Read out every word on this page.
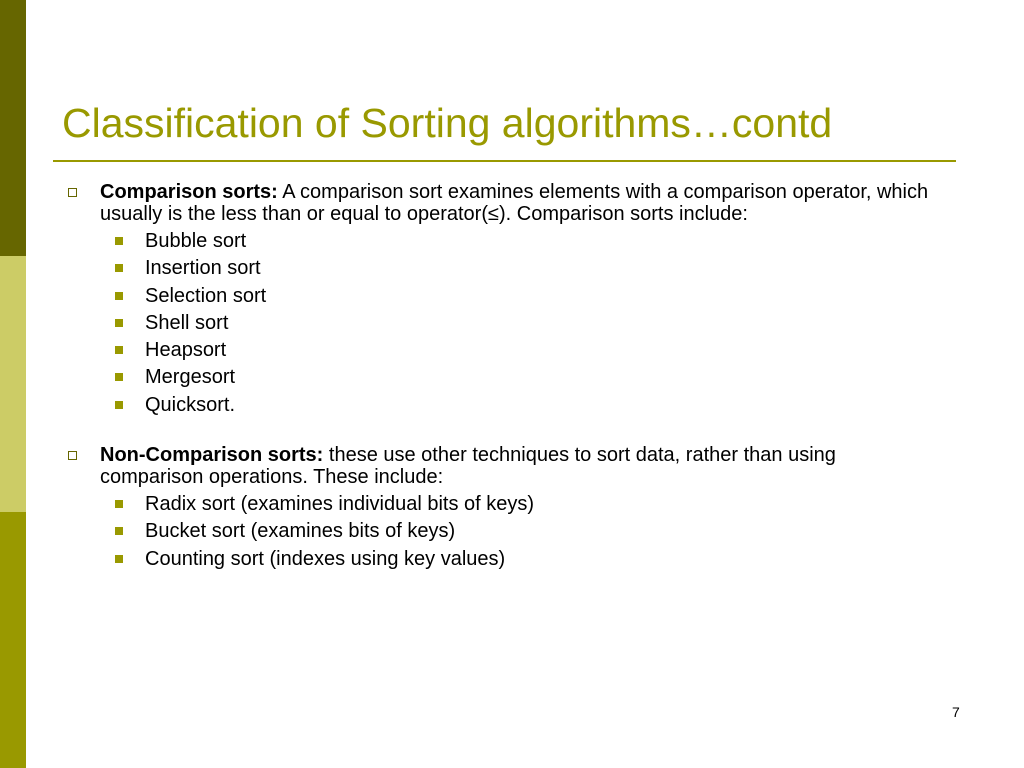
Classification of Sorting algorithms…contd
Comparison sorts: A comparison sort examines elements with a comparison operator, which usually is the less than or equal to operator(≤). Comparison sorts include:
Bubble sort
Insertion sort
Selection sort
Shell sort
Heapsort
Mergesort
Quicksort.
Non-Comparison sorts: these use other techniques to sort data, rather than using comparison operations. These include:
Radix sort (examines individual bits of keys)
Bucket sort (examines bits of keys)
Counting sort (indexes using key values)
7
